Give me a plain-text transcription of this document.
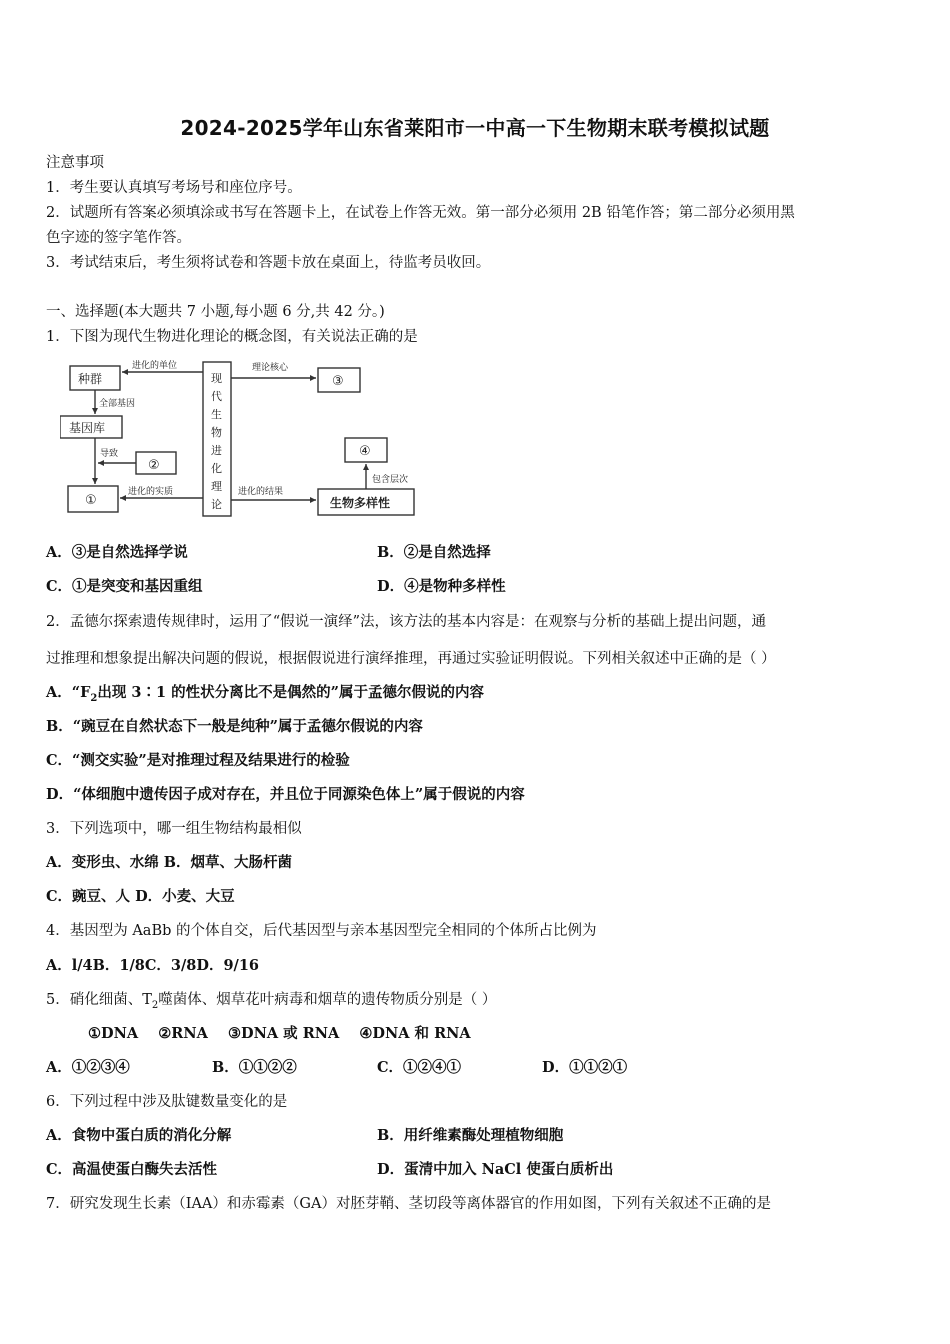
2024-2025学年山东省莱阳市一中高一下生物期末联考模拟试题
注意事项
1．考生要认真填写考场号和座位序号。
2．试题所有答案必须填涂或书写在答题卡上，在试卷上作答无效。第一部分必须用 2B 铅笔作答；第二部分必须用黑
色字迹的签字笔作答。
3．考试结束后，考生须将试卷和答题卡放在桌面上，待监考员收回。
一、选择题(本大题共 7 小题,每小题 6 分,共 42 分。)
1．下图为现代生物进化理论的概念图，有关说法正确的是
种群
进化的单位
全部基因
基因库
导致
②
①
进化的实质
现
代
生
物
进
化
理
论
理论核心
③
④
包含层次
进化的结果
生物多样性
A．③是自然选择学说	B．②是自然选择
C．①是突变和基因重组	D．④是物种多样性
2．孟德尔探索遗传规律时，运用了“假说一演绎”法，该方法的基本内容是：在观察与分析的基础上提出问题，通
过推理和想象提出解决问题的假说，根据假说进行演绎推理，再通过实验证明假说。下列相关叙述中正确的是（ ）
A．“$F_2$出现 3∶1 的性状分离比不是偶然的”属于孟德尔假说的内容
B．“豌豆在自然状态下一般是纯种”属于孟德尔假说的内容
C．“测交实验”是对推理过程及结果进行的检验
D．“体细胞中遗传因子成对存在，并且位于同源染色体上”属于假说的内容
3．下列选项中，哪一组生物结构最相似
A．变形虫、水绵 B．烟草、大肠杆菌
C．豌豆、人 D．小麦、大豆
4．基因型为 AaBb 的个体自交，后代基因型与亲本基因型完全相同的个体所占比例为
A．l/4B．1/8C．3/8D．9/16
5．硝化细菌、$T_2$噬菌体、烟草花叶病毒和烟草的遗传物质分别是（ ）
①DNA    ②RNA    ③DNA 或 RNA    ④DNA 和 RNA
A．①②③④	B．①①②②	C．①②④①	D．①①②①
6．下列过程中涉及肽键数量变化的是
A．食物中蛋白质的消化分解	B．用纤维素酶处理植物细胞
C．高温使蛋白酶失去活性	D．蛋清中加入 NaCl 使蛋白质析出
7．研究发现生长素（IAA）和赤霉素（GA）对胚芽鞘、茎切段等离体器官的作用如图，下列有关叙述不正确的是
